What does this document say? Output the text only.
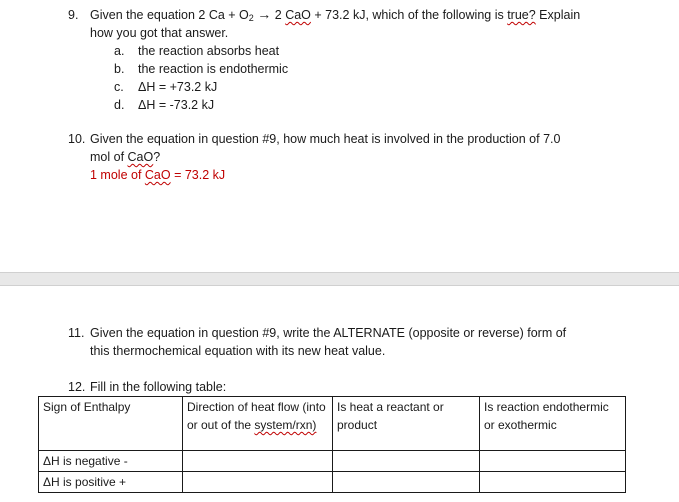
9. Given the equation 2 $Ca + O_2 \to 2$ CaO + 73.2 kJ, which of the following is true? Explain
how you got that answer.
a. the reaction absorbs heat
b. the reaction is endothermic
c. ΔH = +73.2 kJ
d. ΔH = -73.2 kJ
10. Given the equation in question #9, how much heat is involved in the production of 7.0
mol of CaO?
1 mole of CaO = 73.2 kJ
11. Given the equation in question #9, write the ALTERNATE (opposite or reverse) form of
this thermochemical equation with its new heat value.
12. Fill in the following table:
Sign of Enthalpy	Direction of heat flow (into or out of the system/rxn)	Is heat a reactant or product	Is reaction endothermic or exothermic
ΔH is negative -			
ΔH is positive +			
